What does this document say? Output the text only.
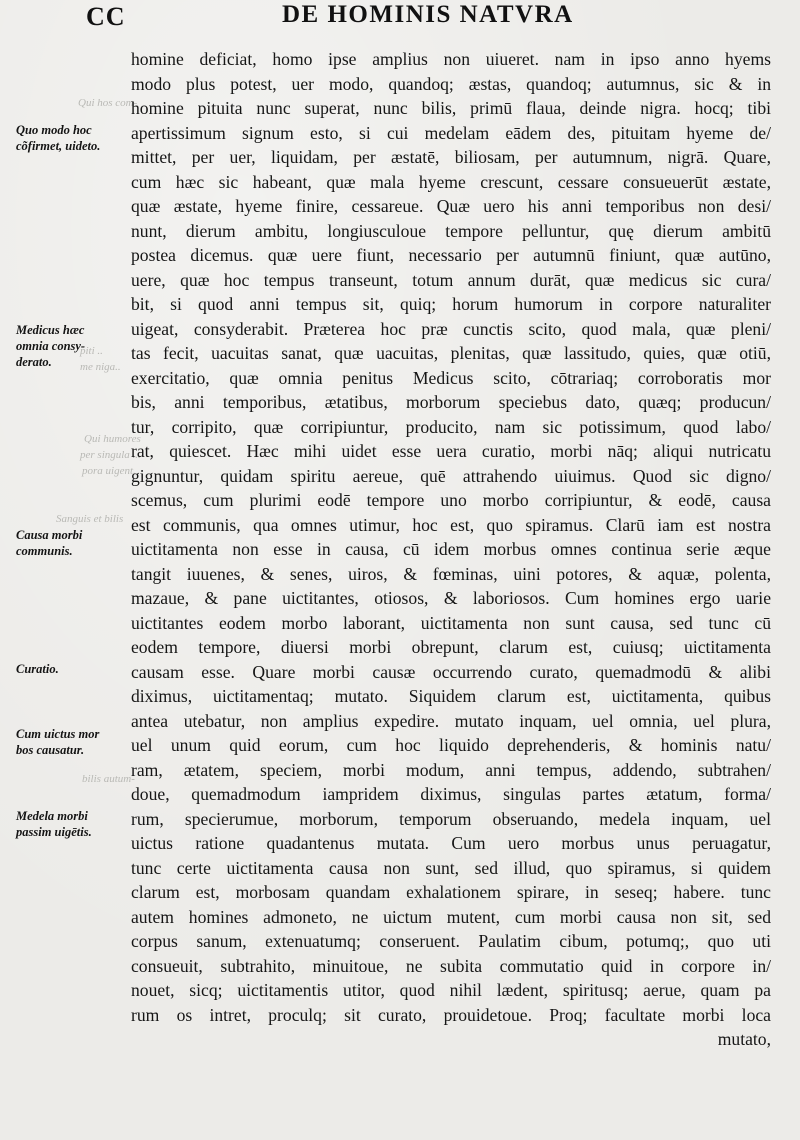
CC	DE HOMINIS NATVRA
Qui hos com-
piti ..
me niga..
Qui humores
per singula ...
pora uigent.
Sanguis et bilis
bilis autum-
Quo modo hoc
cõfirmet, uideto.
Medicus hæc
omnia consy-
derato.
Causa morbi
communis.
Curatio.
Cum uictus mor
bos causatur.
Medela morbi
passim uigētis.
homine deficiat, homo ipse amplius non uiueret. nam in ipso anno hyems
modo plus potest, uer modo, quandoq; æstas, quandoq; autumnus, sic & in
homine pituita nunc superat, nunc bilis, primū flaua, deinde nigra. hocq; tibi
apertissimum signum esto, si cui medelam eādem des, pituitam hyeme de/
mittet, per uer, liquidam, per æstatē, biliosam, per autumnum, nigrā. Quare,
cum hæc sic habeant, quæ mala hyeme crescunt, cessare consueuerūt æstate,
quæ æstate, hyeme finire, cessareue. Quæ uero his anni temporibus non desi/
nunt, dierum ambitu, longiusculoue tempore pelluntur, quę dierum ambitū
postea dicemus. quæ uere fiunt, necessario per autumnū finiunt, quæ autūno,
uere, quæ hoc tempus transeunt, totum annum durāt, quæ medicus sic cura/
bit, si quod anni tempus sit, quiq; horum humorum in corpore naturaliter
uigeat, consyderabit. Præterea hoc præ cunctis scito, quod mala, quæ pleni/
tas fecit, uacuitas sanat, quæ uacuitas, plenitas, quæ lassitudo, quies, quæ otiū,
exercitatio, quæ omnia penitus Medicus scito, cōtrariaq; corroboratis mor
bis, anni temporibus, ætatibus, morborum speciebus dato, quæq; producun/
tur, corripito, quæ corripiuntur, producito, nam sic potissimum, quod labo/
rat, quiescet. Hæc mihi uidet esse uera curatio, morbi nāq; aliqui nutricatu
gignuntur, quidam spiritu aereue, quē attrahendo uiuimus. Quod sic digno/
scemus, cum plurimi eodē tempore uno morbo corripiuntur, & eodē, causa
est communis, qua omnes utimur, hoc est, quo spiramus. Clarū iam est nostra
uictitamenta non esse in causa, cū idem morbus omnes continua serie æque
tangit iuuenes, & senes, uiros, & fœminas, uini potores, & aquæ, polenta,
mazaue, & pane uictitantes, otiosos, & laboriosos. Cum homines ergo uarie
uictitantes eodem morbo laborant, uictitamenta non sunt causa, sed tunc cū
eodem tempore, diuersi morbi obrepunt, clarum est, cuiusq; uictitamenta
causam esse. Quare morbi causæ occurrendo curato, quemadmodū & alibi
diximus, uictitamentaq; mutato. Siquidem clarum est, uictitamenta, quibus
antea utebatur, non amplius expedire. mutato inquam, uel omnia, uel plura,
uel unum quid eorum, cum hoc liquido deprehenderis, & hominis natu/
ram, ætatem, speciem, morbi modum, anni tempus, addendo, subtrahen/
doue, quemadmodum iampridem diximus, singulas partes ætatum, forma/
rum, specierumue, morborum, temporum obseruando, medela inquam, uel
uictus ratione quadantenus mutata. Cum uero morbus unus peruagatur,
tunc certe uictitamenta causa non sunt, sed illud, quo spiramus, si quidem
clarum est, morbosam quandam exhalationem spirare, in seseq; habere. tunc
autem homines admoneto, ne uictum mutent, cum morbi causa non sit, sed
corpus sanum, extenuatumq; conseruent. Paulatim cibum, potumq;, quo uti
consueuit, subtrahito, minuitoue, ne subita commutatio quid in corpore in/
nouet, sicq; uictitamentis utitor, quod nihil lædent, spiritusq; aerue, quam pa
rum os intret, proculq; sit curato, prouidetoue. Proq; facultate morbi loca
mutato,
